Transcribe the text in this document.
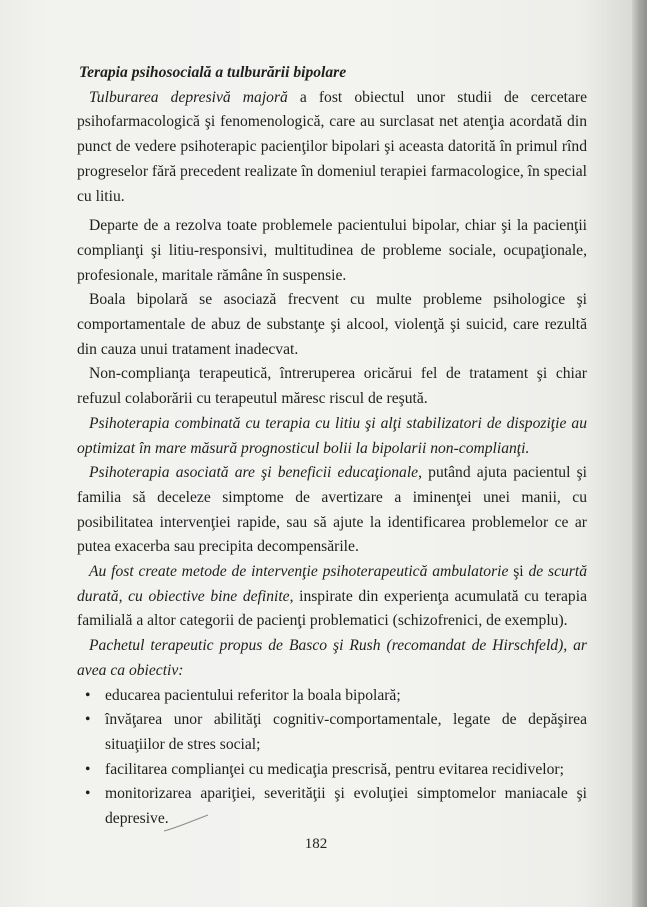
Terapia psihosocială a tulburării bipolare

Tulburarea depresivă majoră a fost obiectul unor studii de cercetare psihofarmacologică şi fenomenologică, care au surclasat net atenţia acordată din punct de vedere psihoterapic pacienţilor bipolari şi aceasta datorită în primul rînd progreselor fără precedent realizate în domeniul terapiei farmacologice, în special cu litiu.

Departe de a rezolva toate problemele pacientului bipolar, chiar şi la pacienţii complianţi şi litiu-responsivi, multitudinea de probleme sociale, ocupaţionale, profesionale, maritale rămâne în suspensie.

Boala bipolară se asociază frecvent cu multe probleme psihologice şi comportamentale de abuz de substanţe şi alcool, violenţă şi suicid, care rezultă din cauza unui tratament inadecvat.

Non-complianţa terapeutică, întreruperea oricărui fel de tratament şi chiar refuzul colaborării cu terapeutul măresc riscul de reşută.

Psihoterapia combinată cu terapia cu litiu şi alţi stabilizatori de dispoziţie au optimizat în mare măsură prognosticul bolii la bipolarii non-complianţi.

Psihoterapia asociată are şi beneficii educaţionale, putând ajuta pacientul şi familia să deceleze simptome de avertizare a iminenţei unei manii, cu posibilitatea intervenţiei rapide, sau să ajute la identificarea problemelor ce ar putea exacerba sau precipita decompensările.

Au fost create metode de intervenţie psihoterapeutică ambulatorie şi de scurtă durată, cu obiective bine definite, inspirate din experienţa acumulată cu terapia familială a altor categorii de pacienţi problematici (schizofrenici, de exemplu).

Pachetul terapeutic propus de Basco şi Rush (recomandat de Hirschfeld), ar avea ca obiectiv:

• educarea pacientului referitor la boala bipolară;
• învăţarea unor abilităţi cognitiv-comportamentale, legate de depăşirea situaţiilor de stres social;
• facilitarea complianţei cu medicaţia prescrisă, pentru evitarea recidivelor;
• monitorizarea apariţiei, severităţii şi evoluţiei simptomelor maniacale şi depresive.
182
